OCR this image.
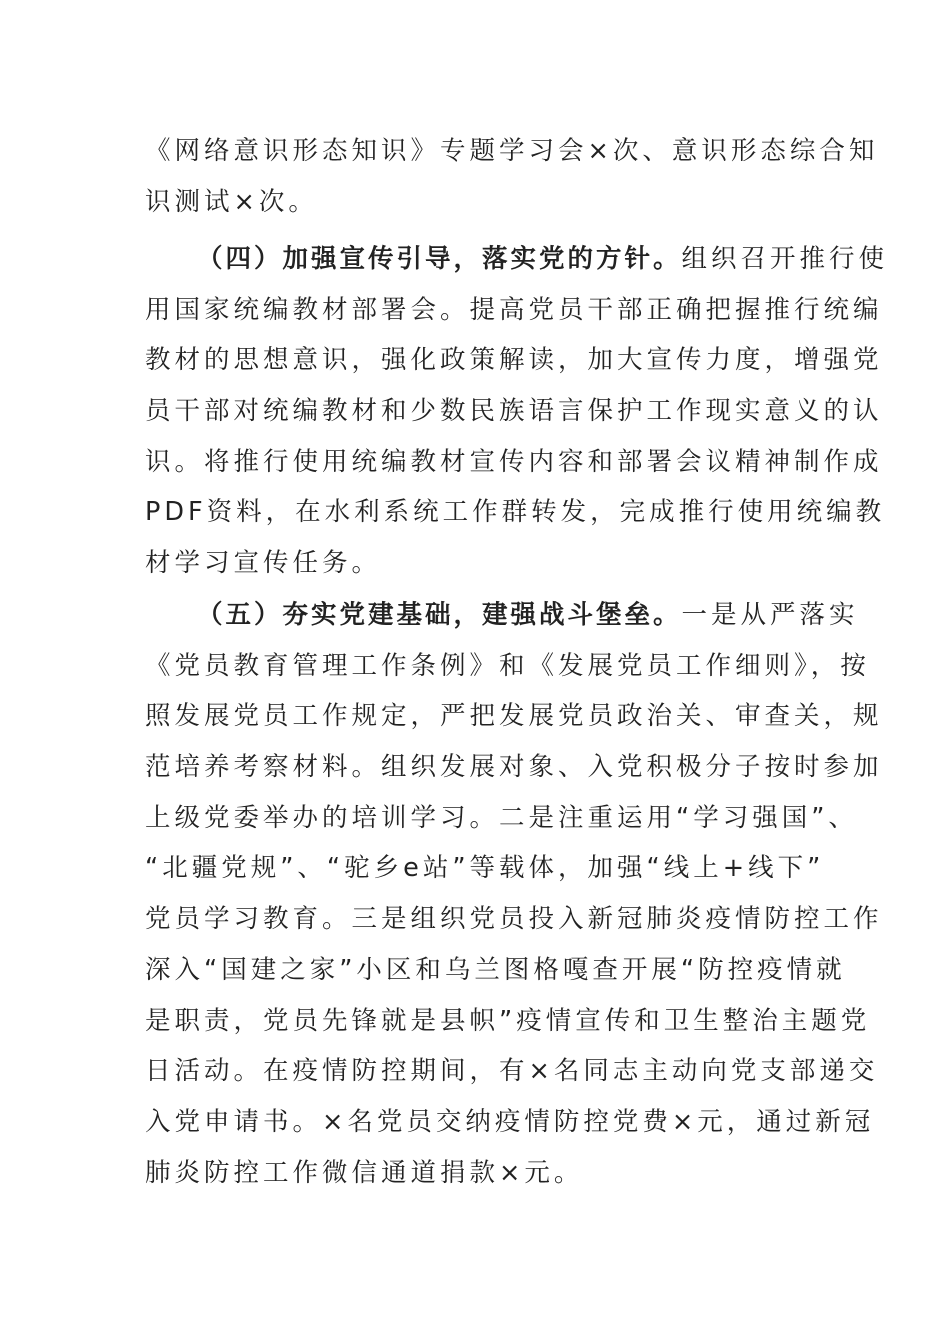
《网络意识形态知识》专题学习会×次、意识形态综合知
识测试×次。
（四）加强宣传引导，落实党的方针。组织召开推行使
用国家统编教材部署会。提高党员干部正确把握推行统编
教材的思想意识，强化政策解读，加大宣传力度，增强党
员干部对统编教材和少数民族语言保护工作现实意义的认
识。将推行使用统编教材宣传内容和部署会议精神制作成
PDF资料，在水利系统工作群转发，完成推行使用统编教
材学习宣传任务。
（五）夯实党建基础，建强战斗堡垒。一是从严落实
《党员教育管理工作条例》和《发展党员工作细则》，按
照发展党员工作规定，严把发展党员政治关、审查关，规
范培养考察材料。组织发展对象、入党积极分子按时参加
上级党委举办的培训学习。二是注重运用“学习强国”、
“北疆党规”、“驼乡e站”等载体，加强“线上+线下”
党员学习教育。三是组织党员投入新冠肺炎疫情防控工作
深入“国建之家”小区和乌兰图格嘎查开展“防控疫情就
是职责，党员先锋就是县帜”疫情宣传和卫生整治主题党
日活动。在疫情防控期间，有×名同志主动向党支部递交
入党申请书。×名党员交纳疫情防控党费×元，通过新冠
肺炎防控工作微信通道捐款×元。
